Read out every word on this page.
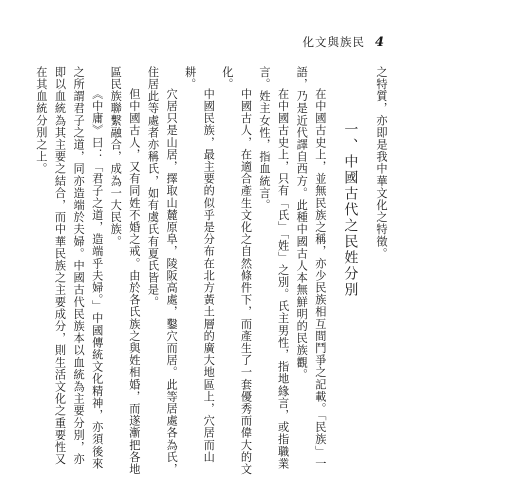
化文與族民 4

之特質，亦即是我中華文化之特徵。

一、中國古代之民姓分別

在中國古史上，並無民族之稱，亦少民族相互間鬥爭之記載。「民族」一語，乃是近代譯自西方。此種中國古人本無鮮明的民族觀。

在中國古史上，只有「氏」「姓」之別。氏主男性，指地緣言，或指職業言。姓主女性，指血統言。

中國古人，在適合產生文化之自然條件下，而產生了一套優秀而偉大的文化。

中國民族，最主要的似乎是分布在北方黃土層的廣大地區上，穴居而山耕。

穴居只是山居，擇取山麓原阜，陵阪高處，鑿穴而居。此等居處各為氏，住居此等處者亦稱氏，如有虞氏有夏氏皆是。

但中國古人，又有同姓不婚之戒。由於各氏族之與姓相婚，而遂漸把各地區民族聯繫融合，成為一大民族。

《中庸》曰：「君子之道，造端乎夫婦。」中國傳統文化精神，亦須後來之所謂君子之道，同亦造端於夫婦。中國古代民族本以血統為主要分別，亦即以血統為其主要之結合，而中華民族之主要成分，則生活文化之重要性又在其血統分別之上。
